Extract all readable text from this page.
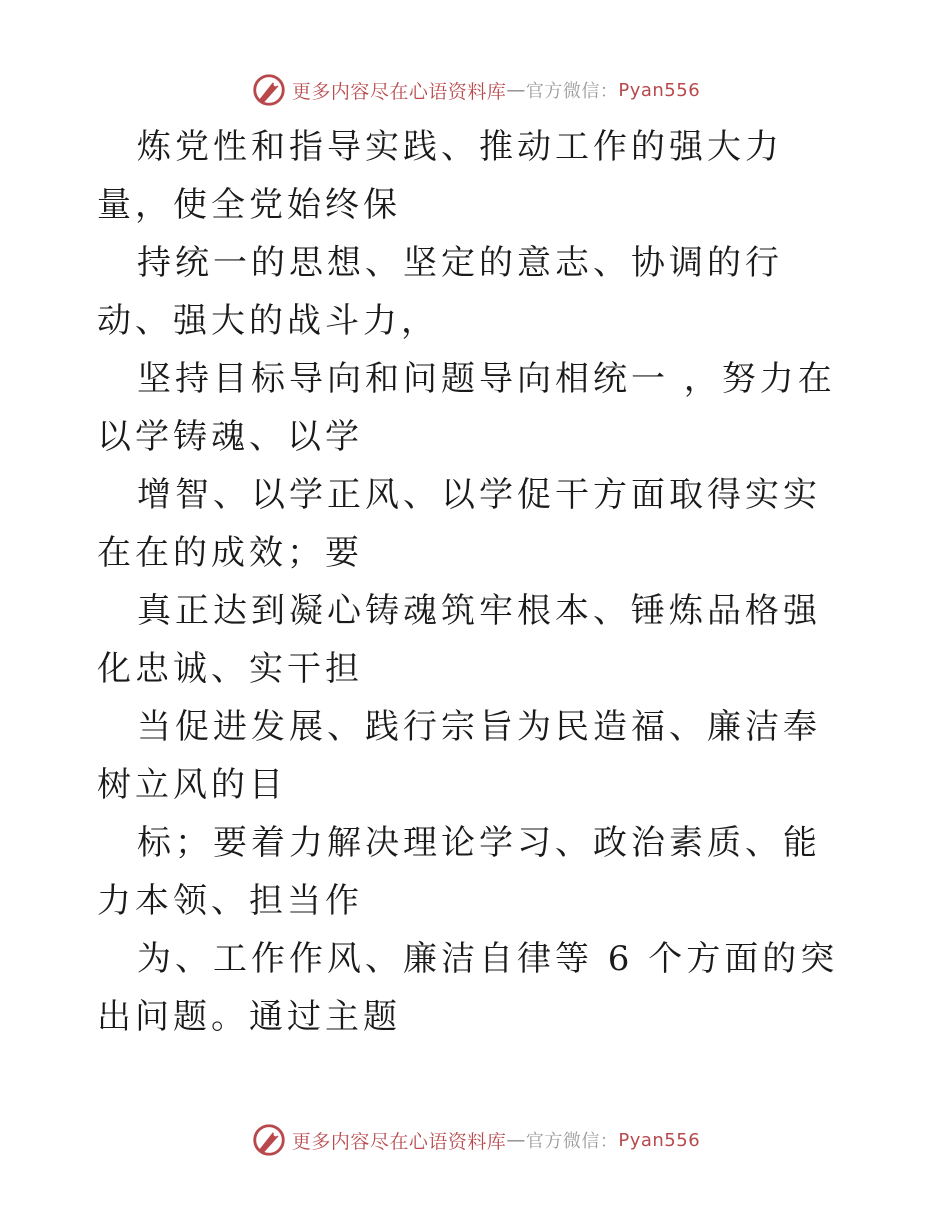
更多内容尽在心语资料库 — 官方微信： Pyan556

炼党性和指导实践、推动工作的强大力量，使全党始终保

持统一的思想、坚定的意志、协调的行动、强大的战斗力，

坚持目标导向和问题导向相统一 ，努力在以学铸魂、以学

增智、以学正风、以学促干方面取得实实在在的成效；要

真正达到凝心铸魂筑牢根本、锤炼品格强化忠诚、实干担

当促进发展、践行宗旨为民造福、廉洁奉树立风的目

标；要着力解决理论学习、政治素质、能力本领、担当作

为、工作作风、廉洁自律等 6 个方面的突出问题。通过主题

更多内容尽在心语资料库 — 官方微信： Pyan556
